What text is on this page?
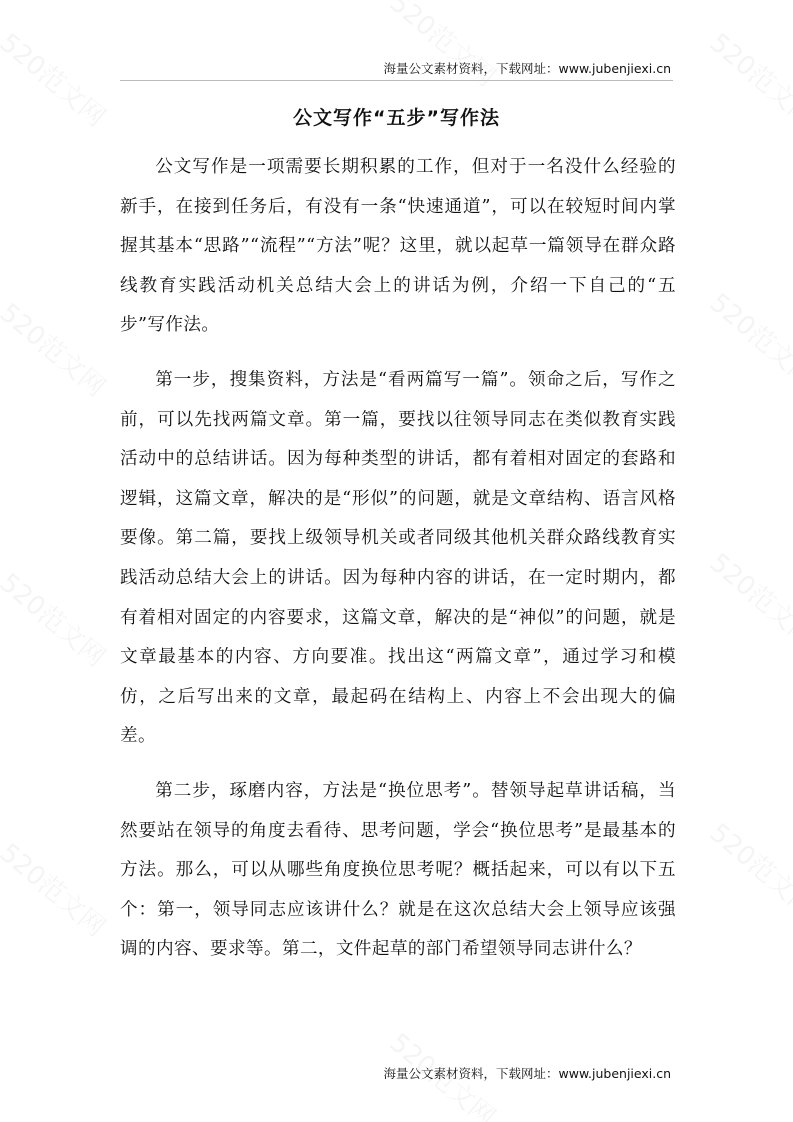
海量公文素材资料，下载网址：www.jubenjiexi.cn
公文写作“五步”写作法

公文写作是一项需要长期积累的工作，但对于一名没什么经验的新手，在接到任务后，有没有一条“快速通道”，可以在较短时间内掌握其基本“思路”“流程”“方法”呢？这里，就以起草一篇领导在群众路线教育实践活动机关总结大会上的讲话为例，介绍一下自己的“五步”写作法。

第一步，搜集资料，方法是“看两篇写一篇”。领命之后，写作之前，可以先找两篇文章。第一篇，要找以往领导同志在类似教育实践活动中的总结讲话。因为每种类型的讲话，都有着相对固定的套路和逻辑，这篇文章，解决的是“形似”的问题，就是文章结构、语言风格要像。第二篇，要找上级领导机关或者同级其他机关群众路线教育实践活动总结大会上的讲话。因为每种内容的讲话，在一定时期内，都有着相对固定的内容要求，这篇文章，解决的是“神似”的问题，就是文章最基本的内容、方向要准。找出这“两篇文章”，通过学习和模仿，之后写出来的文章，最起码在结构上、内容上不会出现大的偏差。

第二步，琢磨内容，方法是“换位思考”。替领导起草讲话稿，当然要站在领导的角度去看待、思考问题，学会“换位思考”是最基本的方法。那么，可以从哪些角度换位思考呢？概括起来，可以有以下五个：第一，领导同志应该讲什么？就是在这次总结大会上领导应该强调的内容、要求等。第二，文件起草的部门希望领导同志讲什么？

海量公文素材资料，下载网址：www.jubenjiexi.cn
